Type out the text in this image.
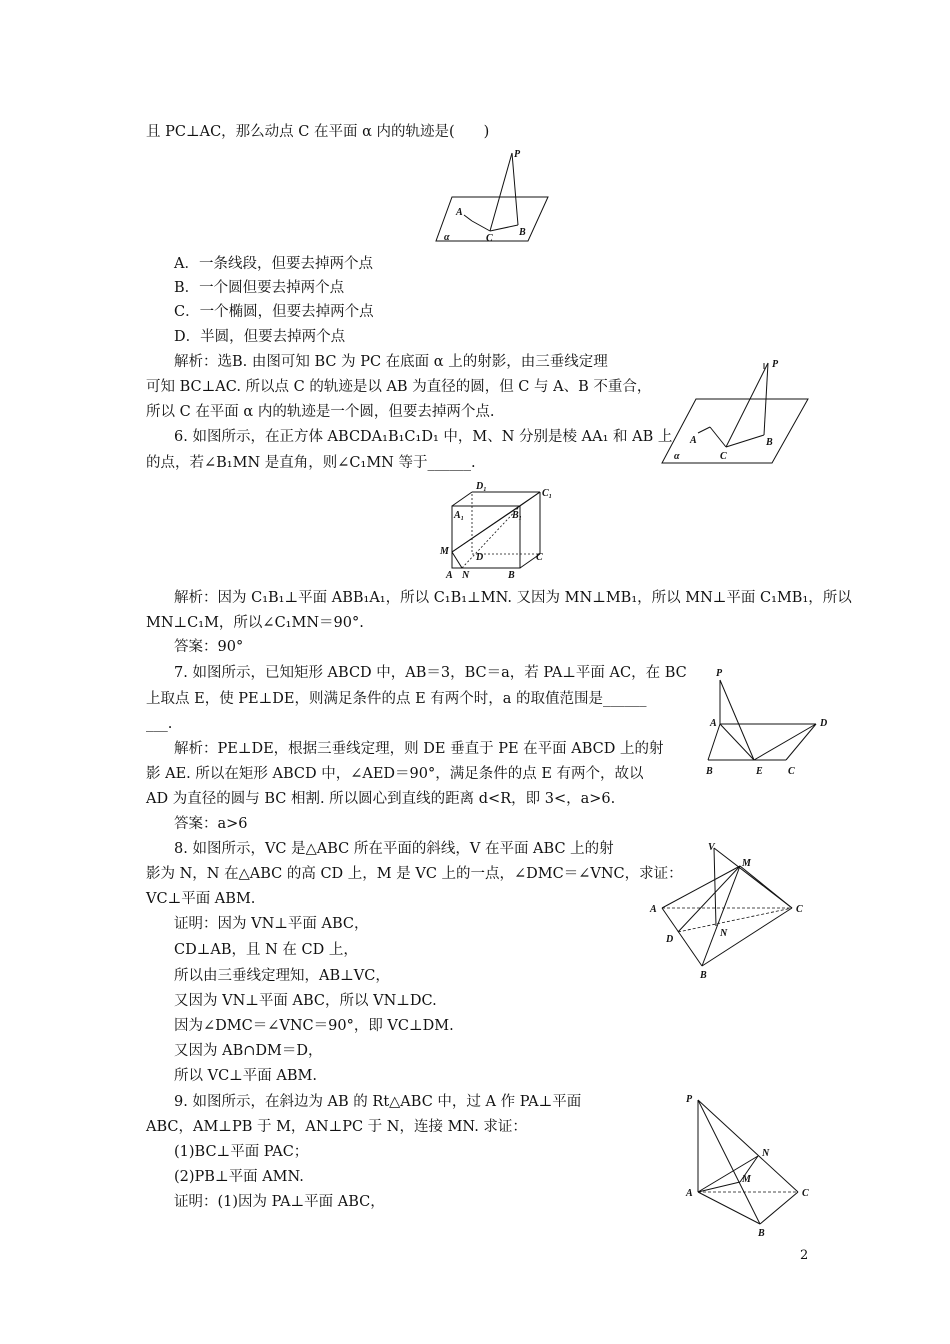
且 PC⊥AC，那么动点 C 在平面 α 内的轨迹是(　　)
A．一条线段，但要去掉两个点
B．一个圆但要去掉两个点
C．一个椭圆，但要去掉两个点
D．半圆，但要去掉两个点
解析：选B. 由图可知 BC 为 PC 在底面 α 上的射影，由三垂线定理
可知 BC⊥AC. 所以点 C 的轨迹是以 AB 为直径的圆，但 C 与 A、B 不重合，
所以 C 在平面 α 内的轨迹是一个圆，但要去掉两个点.
6. 如图所示，在正方体 ABCDA₁B₁C₁D₁ 中，M、N 分别是棱 AA₁ 和 AB 上
的点，若∠B₁MN 是直角，则∠C₁MN 等于______.
解析：因为 C₁B₁⊥平面 ABB₁A₁，所以 C₁B₁⊥MN. 又因为 MN⊥MB₁，所以 MN⊥平面 C₁MB₁，所以
MN⊥C₁M，所以∠C₁MN＝90°.
答案：90°
7. 如图所示，已知矩形 ABCD 中，AB＝3，BC＝a，若 PA⊥平面 AC，在 BC
上取点 E，使 PE⊥DE，则满足条件的点 E 有两个时，a 的取值范围是______
___.
解析：PE⊥DE，根据三垂线定理，则 DE 垂直于 PE 在平面 ABCD 上的射
影 AE. 所以在矩形 ABCD 中，∠AED＝90°，满足条件的点 E 有两个，故以
AD 为直径的圆与 BC 相割. 所以圆心到直线的距离 d<R，即 3<，a>6.
答案：a>6
8. 如图所示，VC 是△ABC 所在平面的斜线，V 在平面 ABC 上的射
影为 N，N 在△ABC 的高 CD 上，M 是 VC 上的一点，∠DMC＝∠VNC，求证：
VC⊥平面 ABM.
证明：因为 VN⊥平面 ABC，
CD⊥AB，且 N 在 CD 上，
所以由三垂线定理知，AB⊥VC，
又因为 VN⊥平面 ABC，所以 VN⊥DC.
因为∠DMC＝∠VNC＝90°，即 VC⊥DM.
又因为 AB∩DM＝D，
所以 VC⊥平面 ABM.
9. 如图所示，在斜边为 AB 的 Rt△ABC 中，过 A 作 PA⊥平面
ABC，AM⊥PB 于 M，AN⊥PC 于 N，连接 MN. 求证：
(1)BC⊥平面 PAC；
(2)PB⊥平面 AMN.
证明：(1)因为 PA⊥平面 ABC，
P
A
C
B
α
P
A
C
B
α
D₁
C₁
A₁	B₁
M
D	C
A N	B
P
A	D
B	E	C
V
M
A	C
D
N
B
P
N
M
A	C
B
2
